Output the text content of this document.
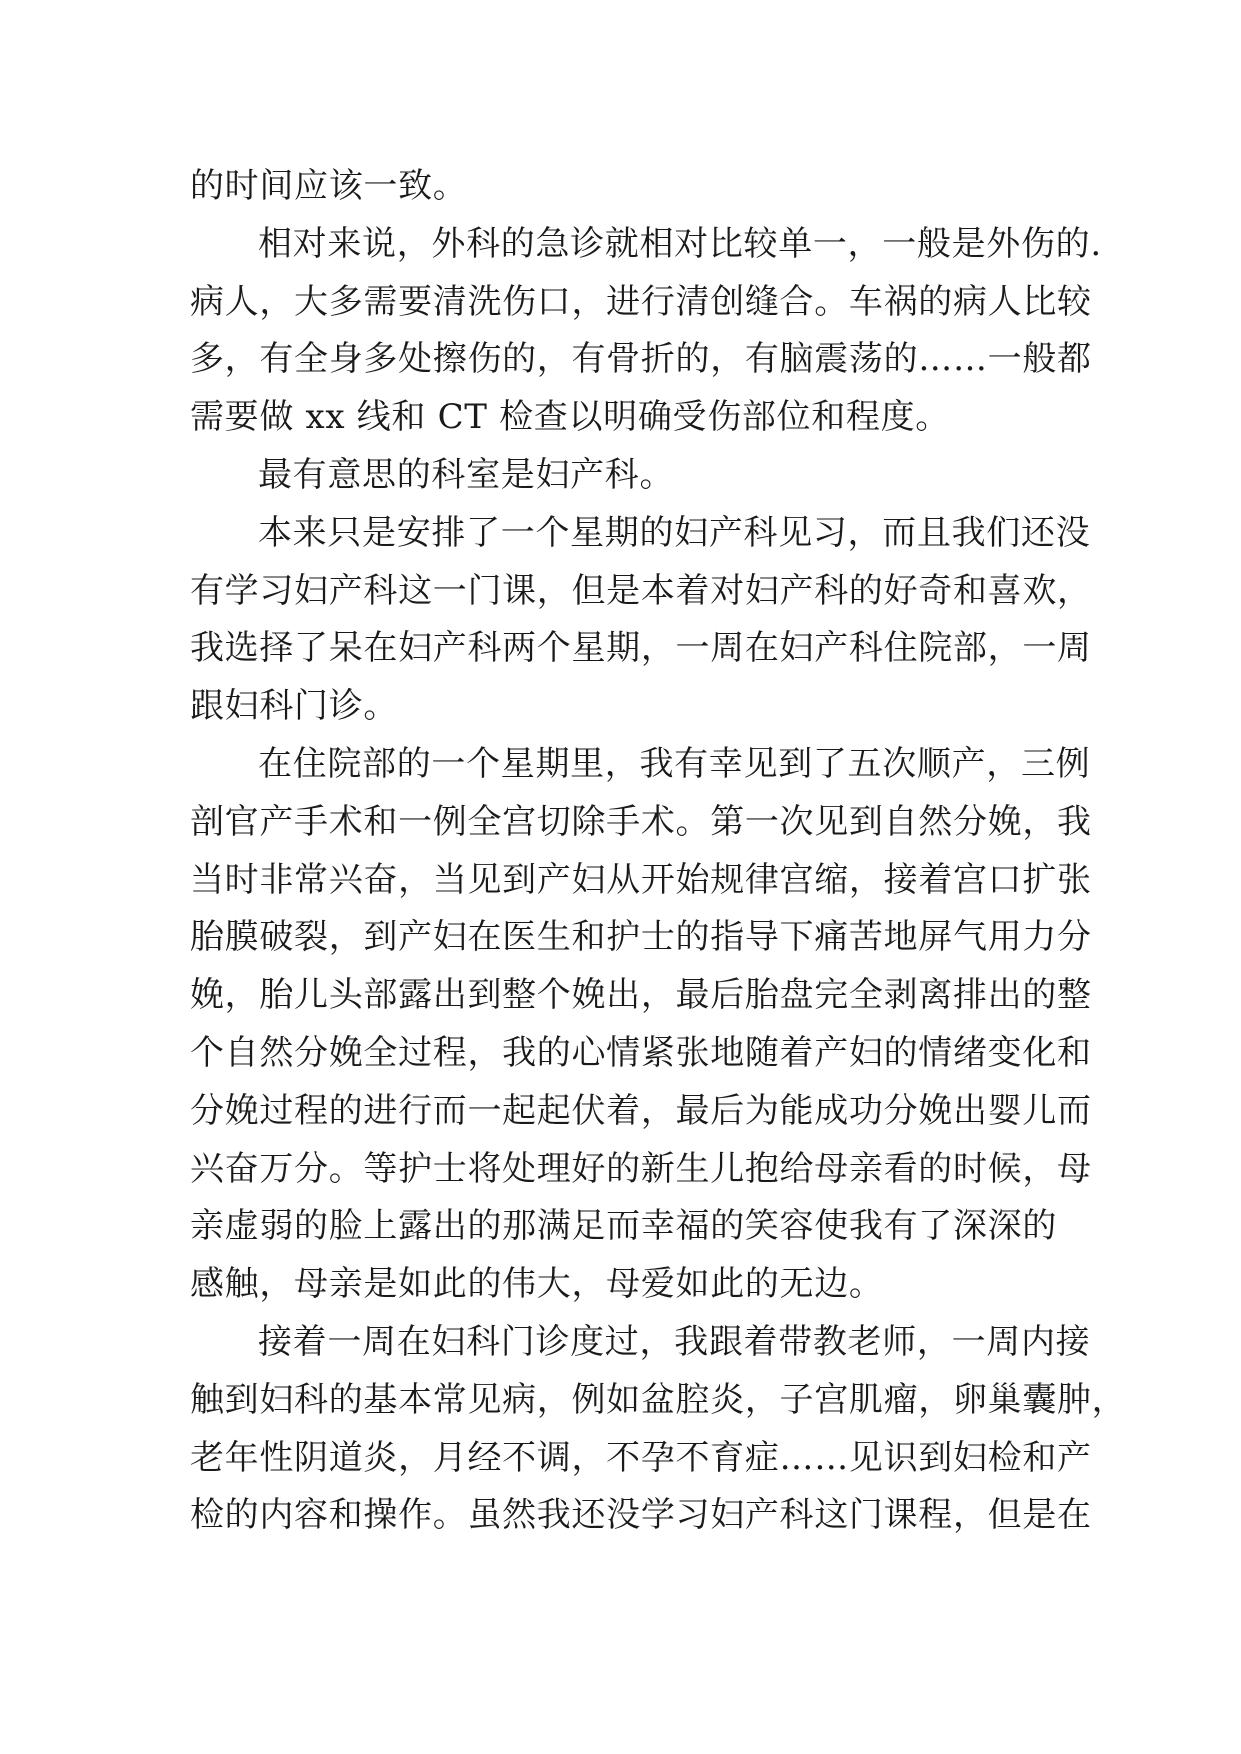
的时间应该一致。
相对来说，外科的急诊就相对比较单一，一般是外伤的.
病人，大多需要清洗伤口，进行清创缝合。车祸的病人比较
多，有全身多处擦伤的，有骨折的，有脑震荡的……一般都
需要做 xx 线和 CT 检查以明确受伤部位和程度。
最有意思的科室是妇产科。
本来只是安排了一个星期的妇产科见习，而且我们还没
有学习妇产科这一门课，但是本着对妇产科的好奇和喜欢，
我选择了呆在妇产科两个星期，一周在妇产科住院部，一周
跟妇科门诊。
在住院部的一个星期里，我有幸见到了五次顺产，三例
剖官产手术和一例全宫切除手术。第一次见到自然分娩，我
当时非常兴奋，当见到产妇从开始规律宫缩，接着宫口扩张
胎膜破裂，到产妇在医生和护士的指导下痛苦地屏气用力分
娩，胎儿头部露出到整个娩出，最后胎盘完全剥离排出的整
个自然分娩全过程，我的心情紧张地随着产妇的情绪变化和
分娩过程的进行而一起起伏着，最后为能成功分娩出婴儿而
兴奋万分。等护士将处理好的新生儿抱给母亲看的时候，母
亲虚弱的脸上露出的那满足而幸福的笑容使我有了深深的
感触，母亲是如此的伟大，母爱如此的无边。
接着一周在妇科门诊度过，我跟着带教老师，一周内接
触到妇科的基本常见病，例如盆腔炎，子宫肌瘤，卵巢囊肿，
老年性阴道炎，月经不调，不孕不育症……见识到妇检和产
检的内容和操作。虽然我还没学习妇产科这门课程，但是在
